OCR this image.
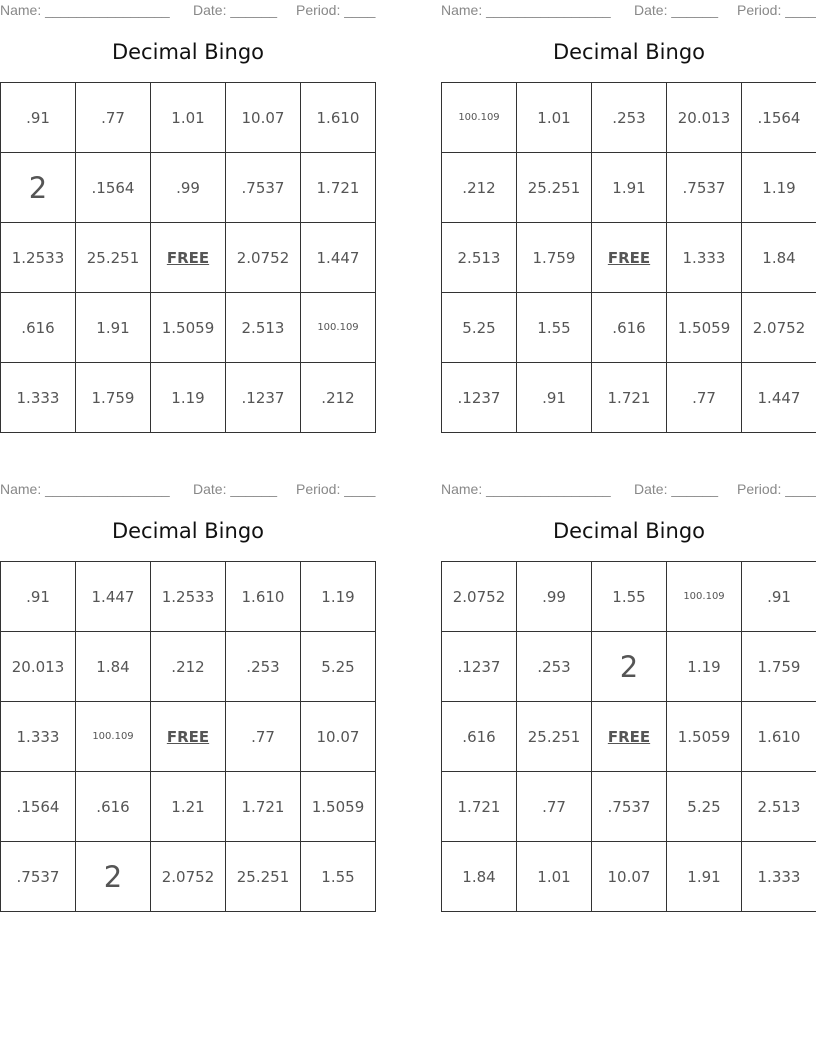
Name: ________________ Date: ______ Period: ____
Decimal Bingo
.91	.77	1.01	10.07	1.610
2	.1564	.99	.7537	1.721
1.2533	25.251	FREE	2.0752	1.447
.616	1.91	1.5059	2.513	100.109
1.333	1.759	1.19	.1237	.212
Name: ________________ Date: ______ Period: ____
Decimal Bingo
100.109	1.01	.253	20.013	.1564
.212	25.251	1.91	.7537	1.19
2.513	1.759	FREE	1.333	1.84
5.25	1.55	.616	1.5059	2.0752
.1237	.91	1.721	.77	1.447
Name: ________________ Date: ______ Period: ____
Decimal Bingo
.91	1.447	1.2533	1.610	1.19
20.013	1.84	.212	.253	5.25
1.333	100.109	FREE	.77	10.07
.1564	.616	1.21	1.721	1.5059
.7537	2	2.0752	25.251	1.55
Name: ________________ Date: ______ Period: ____
Decimal Bingo
2.0752	.99	1.55	100.109	.91
.1237	.253	2	1.19	1.759
.616	25.251	FREE	1.5059	1.610
1.721	.77	.7537	5.25	2.513
1.84	1.01	10.07	1.91	1.333
